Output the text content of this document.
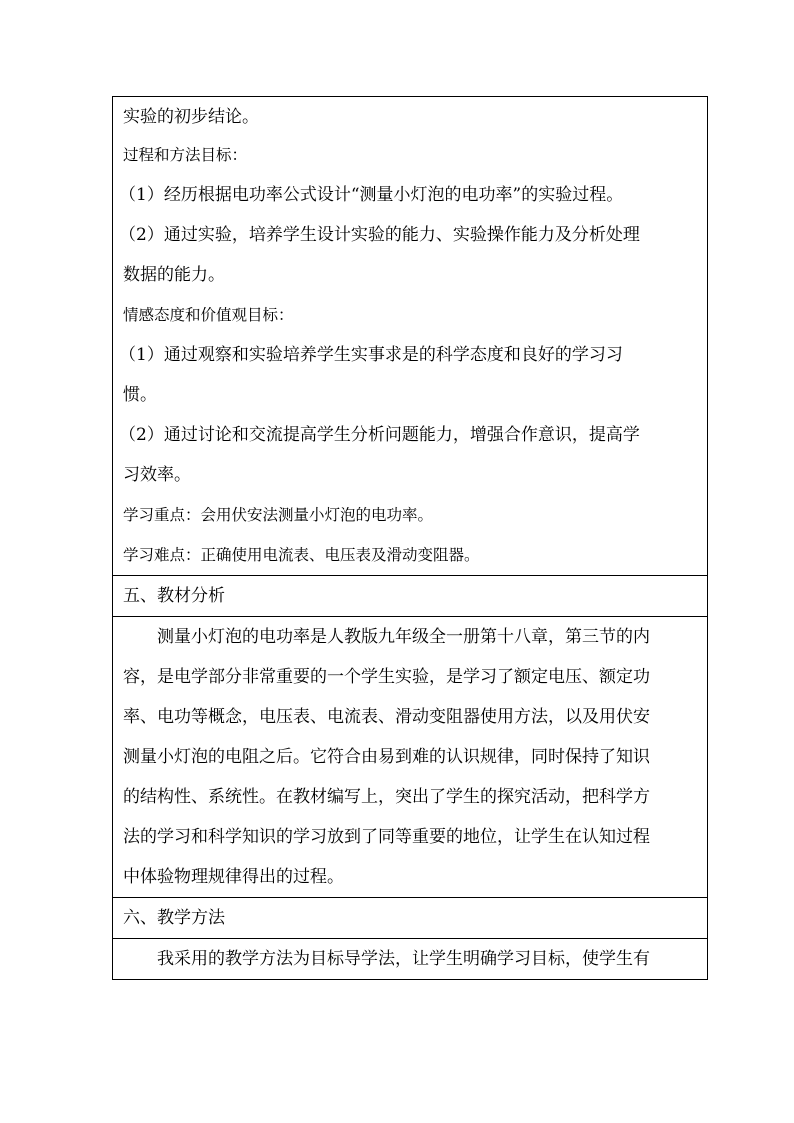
实验的初步结论。
过程和方法目标：
（1）经历根据电功率公式设计“测量小灯泡的电功率”的实验过程。
（2）通过实验，培养学生设计实验的能力、实验操作能力及分析处理
数据的能力。
情感态度和价值观目标：
（1）通过观察和实验培养学生实事求是的科学态度和良好的学习习
惯。
（2）通过讨论和交流提高学生分析问题能力，增强合作意识，提高学
习效率。
学习重点：会用伏安法测量小灯泡的电功率。
学习难点：正确使用电流表、电压表及滑动变阻器。
五、教材分析
测量小灯泡的电功率是人教版九年级全一册第十八章，第三节的内
容，是电学部分非常重要的一个学生实验，是学习了额定电压、额定功
率、电功等概念，电压表、电流表、滑动变阻器使用方法，以及用伏安
测量小灯泡的电阻之后。它符合由易到难的认识规律，同时保持了知识
的结构性、系统性。在教材编写上，突出了学生的探究活动，把科学方
法的学习和科学知识的学习放到了同等重要的地位，让学生在认知过程
中体验物理规律得出的过程。
六、教学方法
我采用的教学方法为目标导学法，让学生明确学习目标，使学生有
